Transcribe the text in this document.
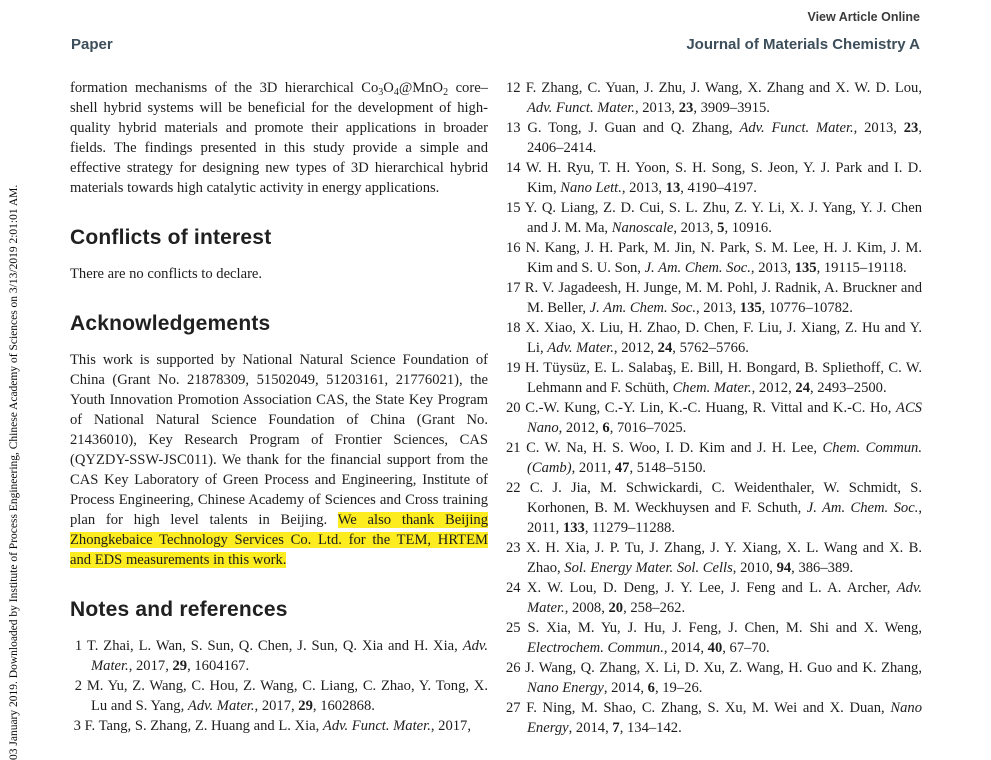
View Article Online
Paper	Journal of Materials Chemistry A
03 January 2019. Downloaded by Institute of Process Engineering, Chinese Academy of Sciences on 3/13/2019 2:01:01 AM.

formation mechanisms of the 3D hierarchical $Co_3O_4@MnO_2$ core–shell hybrid systems will be beneficial for the development of high-quality hybrid materials and promote their applications in broader fields. The findings presented in this study provide a simple and effective strategy for designing new types of 3D hierarchical hybrid materials towards high catalytic activity in energy applications.

Conflicts of interest

There are no conflicts to declare.

Acknowledgements

This work is supported by National Natural Science Foundation of China (Grant No. 21878309, 51502049, 51203161, 21776021), the Youth Innovation Promotion Association CAS, the State Key Program of National Natural Science Foundation of China (Grant No. 21436010), Key Research Program of Frontier Sciences, CAS (QYZDY-SSW-JSC011). We thank for the financial support from the CAS Key Laboratory of Green Process and Engineering, Institute of Process Engineering, Chinese Academy of Sciences and Cross training plan for high level talents in Beijing. We also thank Beijing Zhongkebaice Technology Services Co. Ltd. for the TEM, HRTEM and EDS measurements in this work.

Notes and references
1 T. Zhai, L. Wan, S. Sun, Q. Chen, J. Sun, Q. Xia and H. Xia, Adv. Mater., 2017, 29, 1604167.
2 M. Yu, Z. Wang, C. Hou, Z. Wang, C. Liang, C. Zhao, Y. Tong, X. Lu and S. Yang, Adv. Mater., 2017, 29, 1602868.
3 F. Tang, S. Zhang, Z. Huang and L. Xia, Adv. Funct. Mater., 2017,
12 F. Zhang, C. Yuan, J. Zhu, J. Wang, X. Zhang and X. W. D. Lou, Adv. Funct. Mater., 2013, 23, 3909–3915.
13 G. Tong, J. Guan and Q. Zhang, Adv. Funct. Mater., 2013, 23, 2406–2414.
14 W. H. Ryu, T. H. Yoon, S. H. Song, S. Jeon, Y. J. Park and I. D. Kim, Nano Lett., 2013, 13, 4190–4197.
15 Y. Q. Liang, Z. D. Cui, S. L. Zhu, Z. Y. Li, X. J. Yang, Y. J. Chen and J. M. Ma, Nanoscale, 2013, 5, 10916.
16 N. Kang, J. H. Park, M. Jin, N. Park, S. M. Lee, H. J. Kim, J. M. Kim and S. U. Son, J. Am. Chem. Soc., 2013, 135, 19115–19118.
17 R. V. Jagadeesh, H. Junge, M. M. Pohl, J. Radnik, A. Bruckner and M. Beller, J. Am. Chem. Soc., 2013, 135, 10776–10782.
18 X. Xiao, X. Liu, H. Zhao, D. Chen, F. Liu, J. Xiang, Z. Hu and Y. Li, Adv. Mater., 2012, 24, 5762–5766.
19 H. Tüysüz, E. L. Salabaş, E. Bill, H. Bongard, B. Spliethoff, C. W. Lehmann and F. Schüth, Chem. Mater., 2012, 24, 2493–2500.
20 C.-W. Kung, C.-Y. Lin, K.-C. Huang, R. Vittal and K.-C. Ho, ACS Nano, 2012, 6, 7016–7025.
21 C. W. Na, H. S. Woo, I. D. Kim and J. H. Lee, Chem. Commun. (Camb), 2011, 47, 5148–5150.
22 C. J. Jia, M. Schwickardi, C. Weidenthaler, W. Schmidt, S. Korhonen, B. M. Weckhuysen and F. Schuth, J. Am. Chem. Soc., 2011, 133, 11279–11288.
23 X. H. Xia, J. P. Tu, J. Zhang, J. Y. Xiang, X. L. Wang and X. B. Zhao, Sol. Energy Mater. Sol. Cells, 2010, 94, 386–389.
24 X. W. Lou, D. Deng, J. Y. Lee, J. Feng and L. A. Archer, Adv. Mater., 2008, 20, 258–262.
25 S. Xia, M. Yu, J. Hu, J. Feng, J. Chen, M. Shi and X. Weng, Electrochem. Commun., 2014, 40, 67–70.
26 J. Wang, Q. Zhang, X. Li, D. Xu, Z. Wang, H. Guo and K. Zhang, Nano Energy, 2014, 6, 19–26.
27 F. Ning, M. Shao, C. Zhang, S. Xu, M. Wei and X. Duan, Nano Energy, 2014, 7, 134–142.
